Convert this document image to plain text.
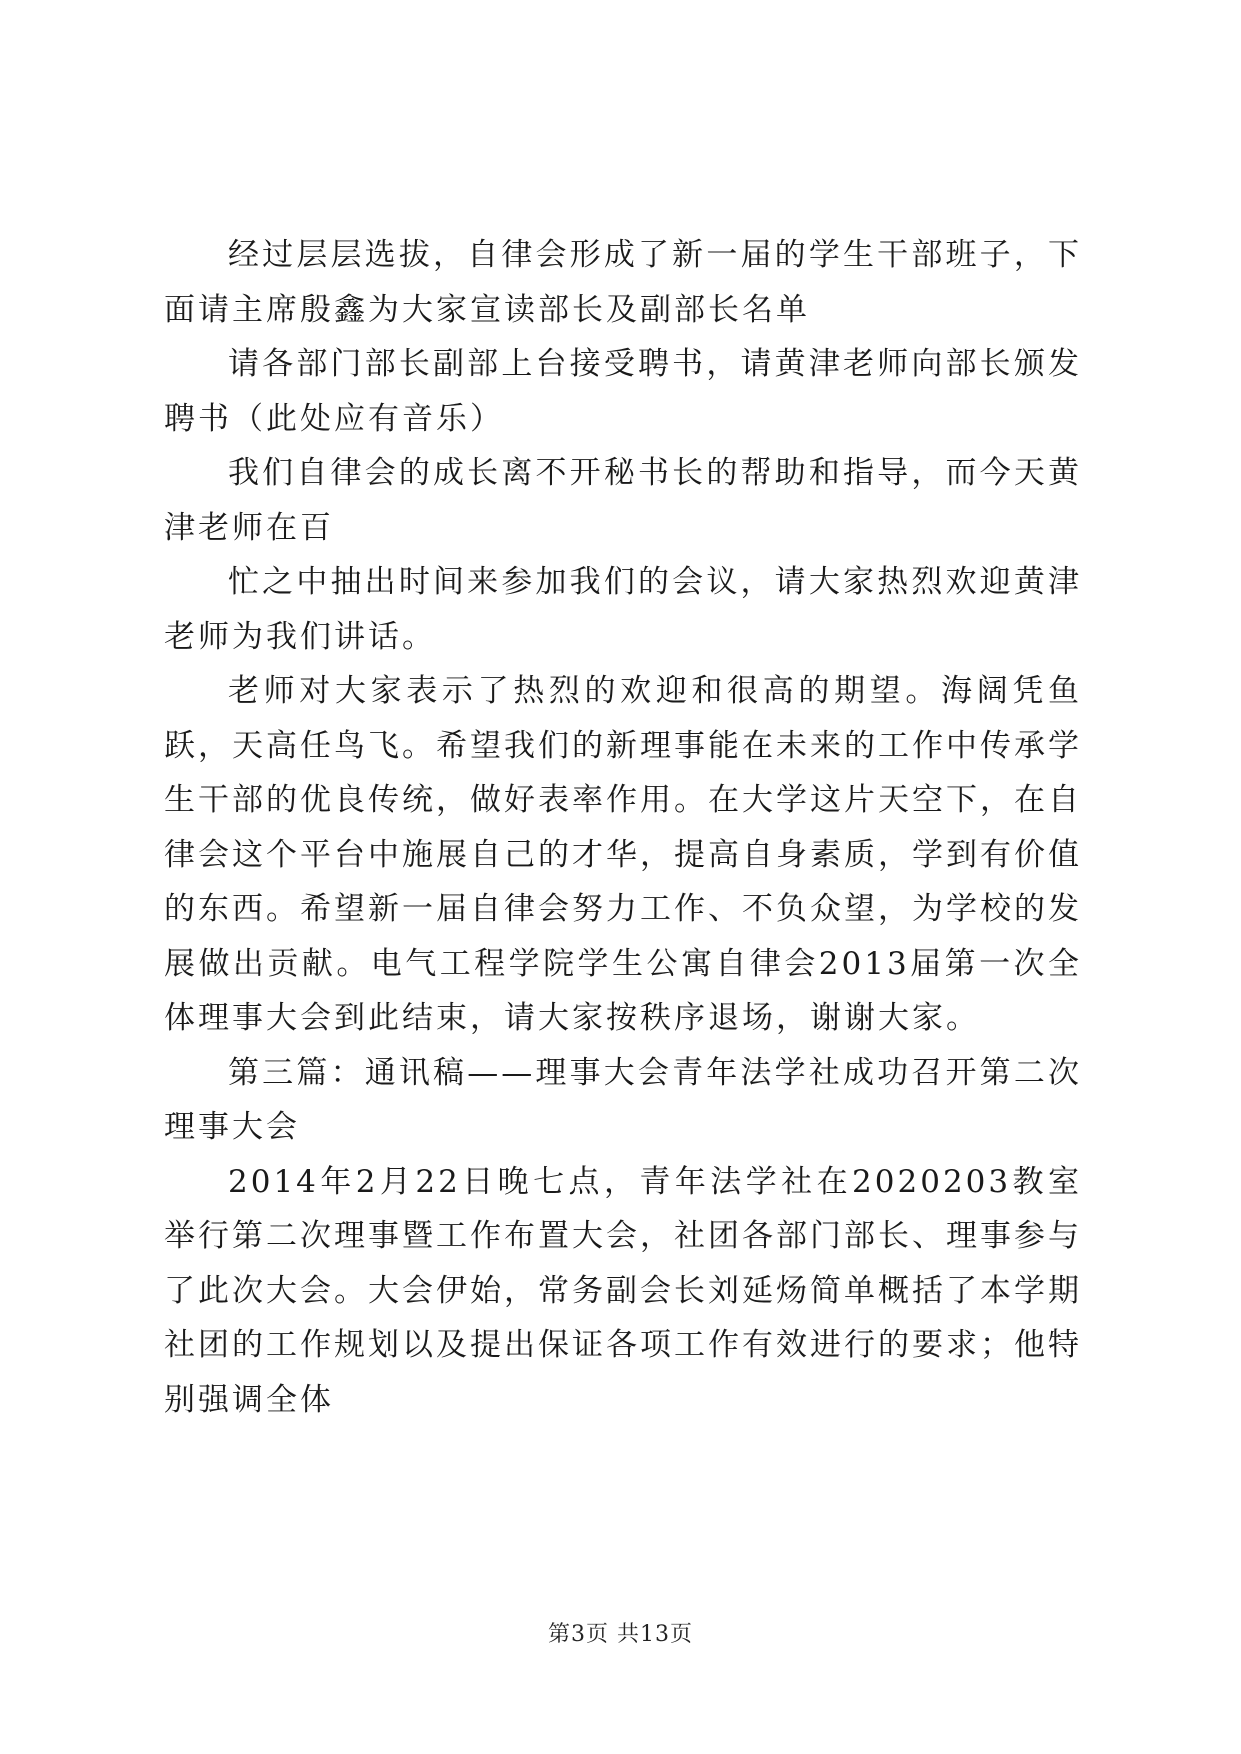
经过层层选拔，自律会形成了新一届的学生干部班子，下面请主席殷鑫为大家宣读部长及副部长名单

请各部门部长副部上台接受聘书，请黄津老师向部长颁发聘书（此处应有音乐）

我们自律会的成长离不开秘书长的帮助和指导，而今天黄津老师在百

忙之中抽出时间来参加我们的会议，请大家热烈欢迎黄津老师为我们讲话。

老师对大家表示了热烈的欢迎和很高的期望。海阔凭鱼跃，天高任鸟飞。希望我们的新理事能在未来的工作中传承学生干部的优良传统，做好表率作用。在大学这片天空下，在自律会这个平台中施展自己的才华，提高自身素质，学到有价值的东西。希望新一届自律会努力工作、不负众望，为学校的发展做出贡献。电气工程学院学生公寓自律会2013届第一次全体理事大会到此结束，请大家按秩序退场，谢谢大家。

第三篇：通讯稿——理事大会青年法学社成功召开第二次理事大会

2014年2月22日晚七点，青年法学社在2020203教室举行第二次理事暨工作布置大会，社团各部门部长、理事参与了此次大会。大会伊始，常务副会长刘延炀简单概括了本学期社团的工作规划以及提出保证各项工作有效进行的要求；他特别强调全体

第3页 共13页
